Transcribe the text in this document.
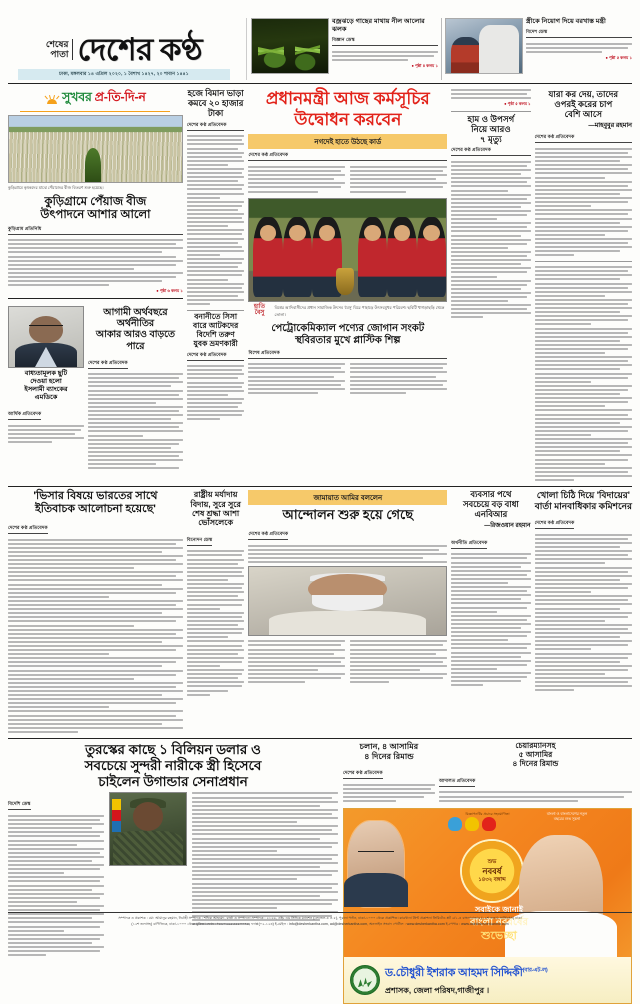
শেষের
পাতা দেশের কণ্ঠ
ঢাকা, মঙ্গলবার ১৪ এপ্রিল ২০২০, ১ বৈশাখ ১৪২৭, ২০ শাবান ১৪৪১
বজ্রঝড়ে গাছের মাথায় নীল আলোর ঝলক
বিজ্ঞান ডেস্ক
● পৃষ্ঠা ৪ কলম ১
স্ত্রীকে নিয়োগ দিয়ে বরখাস্ত মন্ত্রী
বিদেশ ডেস্ক
● পৃষ্ঠা ৫ কলম ১
সুখবর প্র-তি-দি-ন
কুড়িগ্রামে কৃষকদের মাঝে পেঁয়াজের বীজ বিতরণ শুরু হয়েছে।
কুড়িগ্রামে পেঁয়াজ বীজ
উৎপাদনে আশার আলো
কুড়িগ্রাম প্রতিনিধি
● পৃষ্ঠা ৬ কলম ১
বাধ্যতামূলক ছুটি
দেওয়া হলো
ইসলামী ব্যাংকের
এমডিকে
আর্থিক প্রতিবেদক
আগামী অর্থবছরে অর্থনীতির
আকার আরও বাড়তে পারে
দেশের কণ্ঠ প্রতিবেদক
হজে বিমান ভাড়া
কমবে ২০ হাজার
টাকা
দেশের কণ্ঠ প্রতিবেদক
বনানীতে সিসা
বারে আটকদের
বিদেশি তরুণ
যুবক ভ্রমণকারী
দেশের কণ্ঠ প্রতিবেদক
প্রধানমন্ত্রী আজ কর্মসূচির
উদ্বোধন করবেন
নগদেই হাতে উঠছে কার্ড
দেশের কণ্ঠ প্রতিবেদক
হাতি
বৈসু
বিশ্বের আদিবাসীদের প্রধান সামাজিক উৎসব 'বৈসু' ঘিরে পাহাড়ে উৎসবমুখর পরিবেশ। ছবিটি খাগড়াছড়ি থেকে তোলা।
পেট্রোকেমিক্যাল পণ্যের জোগান সংকট
স্থবিরতার মুখে প্লাস্টিক শিল্প
বিশেষ প্রতিবেদক
● পৃষ্ঠা ৫ কলম ১
হাম ও উপসর্গ
নিয়ে আরও
৭ মৃত্যু
দেশের কণ্ঠ প্রতিবেদক
যারা কর দেয়, তাদের
ওপরই করের চাপ
বেশি আসে
—মাহবুবুর রহমান
দেশের কণ্ঠ প্রতিবেদক
'ভিসার বিষয়ে ভারতের সাথে
ইতিবাচক আলোচনা হয়েছে'
দেশের কণ্ঠ প্রতিবেদক
রাষ্ট্রীয় মর্যাদায়
বিদায়, সুরে সুরে
শেষ শ্রদ্ধা আশা
ভোঁসলেকে
বিনোদন ডেস্ক
জামায়াত আমির বললেন
আন্দোলন শুরু হয়ে গেছে
দেশের কণ্ঠ প্রতিবেদক
ব্যবসার পথে
সবচেয়ে বড় বাধা
এনবিআর
—রিজওয়ান রহমান
অর্থনীতি প্রতিবেদক
খোলা চিঠি দিয়ে 'বিদায়ের'
বার্তা মানবাধিকার কমিশনের
দেশের কণ্ঠ প্রতিবেদক
তুরস্কের কাছে ১ বিলিয়ন ডলার ও
সবচেয়ে সুন্দরী নারীকে স্ত্রী হিসেবে
চাইলেন উগান্ডার সেনাপ্রধান
বিদেশি ডেস্ক
চলান, ৪ আসামির
৪ দিনের রিমান্ড
দেশের কণ্ঠ প্রতিবেদক
চেয়ারম্যানসহ
৫ আসামির
৪ দিনের রিমান্ড
আদালত প্রতিবেদক
বিজ্ঞাপনটির প্রচারে সহযোগিতা	বাংলা ও বাংলাদেশের নতুন
বছরের শুভ সূচনা
শুভ
নববর্ষ
১৪৩২ বঙ্গাব্দ
সবাইকে জানাই
বাংলা নববর্ষের
শুভেচ্ছা
ড.চৌধুরী ইশরাক আহমদ সিদ্দিকী$^{(বার-এট-ল)}$
প্রশাসক, জেলা পরিষদ,গাজীপুর ।

সম্পাদক ও প্রকাশক : মো: আমানুর রহমান, নির্বাহী সম্পাদক : শফিক আহমেদ, বার্তা ও সম্পাদনা সম্পাদক : ২১২৬, এইচ এম সিদ্দিক ম্যানশন (লেভেল-৪ ও ৫), পুরানা পল্টন, ঢাকা-১০০০ থেকে প্রকাশিত। কারখানা প্রিন্ট প্রকাশনা লিমিটেড প্লট ২/১-এ বাংলাবাজার (১৯শ তলায় সার্ভিসেস) ঢাকা

(১২শ তলাসহ) বাণিজ্যিক, ঢাকা-১০০০ থেকে মুদ্রিত। ফোন : +৮৮০২৯৫৫৫৫০০৭৮, ফ্যাক্স(০২-১২৩) ই-মেইল : info@desherkantha.com, ad@desherkantha.com, অনলাইন সংবাদ পোর্টাল : www.desherkantha.com ই-পেপার : www.dainikdesherkantha.com
